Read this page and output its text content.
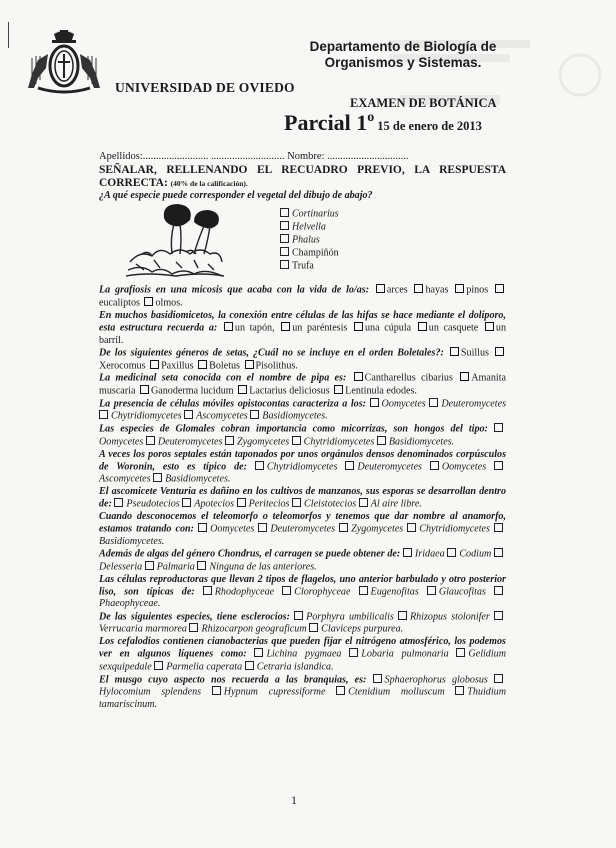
Departamento de Biología de
Organismos y Sistemas.
UNIVERSIDAD DE OVIEDO
EXAMEN DE BOTÁNICA
Parcial 1o15 de enero de 2013

Apellidos:......................... ............................ Nombre: ...............................

SEÑALAR, RELLENANDO EL RECUADRO PREVIO, LA RESPUESTA CORRECTA: (40% de la calificación).

¿A qué especie puede corresponder el vegetal del dibujo de abajo?

Cortinarius
Helvella
Phalus
Champiñón
Trufa

La grafiosis en una micosis que acaba con la vida de lo/as: arces hayas pinos eucaliptos olmos.

En muchos basidiomicetos, la conexión entre células de las hifas se hace mediante el dolíporo, esta estructura recuerda a: un tapón, un paréntesis una cúpula un casquete un barril.

De los siguientes géneros de setas, ¿Cuál no se incluye en el orden Boletales?: Suillus Xerocomus Paxillus Boletus Pisolithus.

La medicinal seta conocida con el nombre de pipa es: Cantharellus cibarius Amanita muscaria Ganoderma lucidum Lactarius deliciosus Lentinula edodes.

La presencia de células móviles opistocontas caracteriza a los: Oomycetes Deuteromycetes Chytridiomycetes Ascomycetes Basidiomycetes.

Las especies de Glomales cobran importancia como micorrizas, son hongos del tipo: Oomycetes Deuteromycetes Zygomycetes Chytridiomycetes Basidiomycetes.

A veces los poros septales están taponados por unos orgánulos densos denominados corpúsculos de Woronin, esto es típico de: Chytridiomycetes Deuteromycetes Oomycetes Ascomycetes Basidiomycetes.

El ascomicete Venturia es dañino en los cultivos de manzanos, sus esporas se desarrollan dentro de: Pseudotecios Apotecios Peritecios Cleistotecios Al aire libre.

Cuando desconocemos el teleomorfo o teleomorfos y tenemos que dar nombre al anamorfo, estamos tratando con: Oomycetes Deuteromycetes Zygomycetes Chytridiomycetes Basidiomycetes.

Además de algas del género Chondrus, el carragen se puede obtener de: Iridaea Codium Delesseria Palmaria Ninguna de las anteriores.

Las células reproductoras que llevan 2 tipos de flagelos, uno anterior barbulado y otro posterior liso, son típicas de: Rhodophyceae Clorophyceae Eugenofitas Glaucofitas Phaeophyceae.

De las siguientes especies, tiene esclerocios: Porphyra umbilicalis Rhizopus stolonifer Verrucaria marmorea Rhizocarpon geograficum Claviceps purpurea.

Los cefalodios contienen cianobacterias que pueden fijar el nitrógeno atmosférico, los podemos ver en algunos líquenes como: Lichina pygmaea Lobaria pulmonaria Gelidium sexquipedale Parmelia caperata Cetraria islandica.

El musgo cuyo aspecto nos recuerda a las branquias, es: Sphaerophorus globosus Hylocomium splendens Hypnum cupressiforme Ctenidium molluscum Thuidium tamariscinum.

1
